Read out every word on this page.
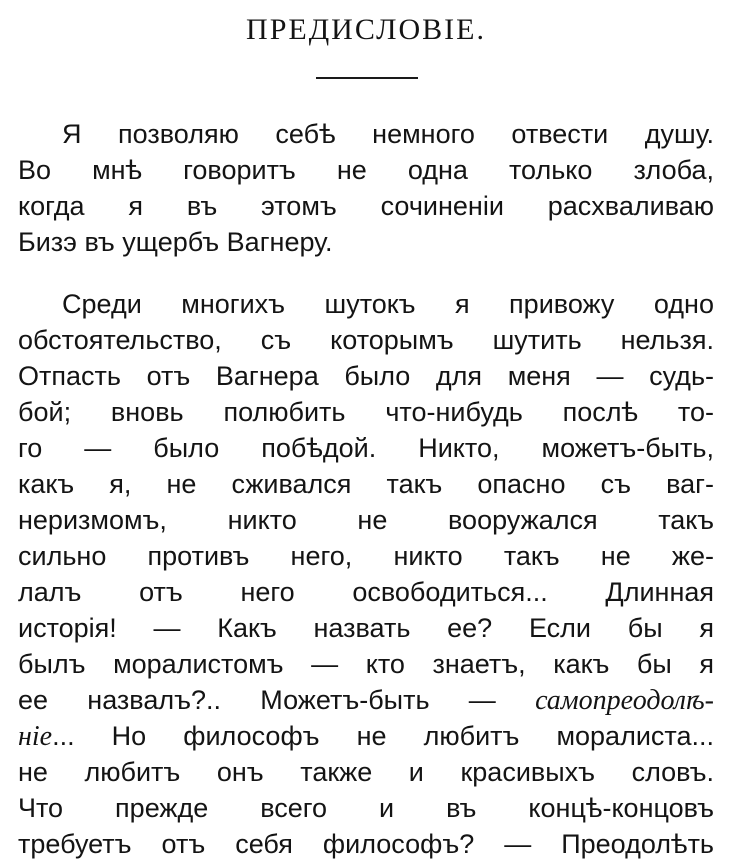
ПРЕДИСЛОВІЕ.
Я позволяю себѣ немного отвести душу.
Во мнѣ говоритъ не одна только злоба,
когда я въ этомъ сочиненіи расхваливаю
Бизэ въ ущербъ Вагнеру.
Среди многихъ шутокъ я привожу одно
обстоятельство, съ которымъ шутить нельзя.
Отпасть отъ Вагнера было для меня — судь-
бой; вновь полюбить что-нибудь послѣ то-
го — было побѣдой. Никто, можетъ-быть,
какъ я, не сживался такъ опасно съ ваг-
неризмомъ, никто не вооружался такъ
сильно противъ него, никто такъ не же-
лалъ отъ него освободиться... Длинная
исторія! — Какъ назвать ее? Если бы я
былъ моралистомъ — кто знаетъ, какъ бы я
ее назвалъ?.. Можетъ-быть — самопреодолѣ-
ніе... Но философъ не любитъ моралиста...
не любитъ онъ также и красивыхъ словъ.
Что прежде всего и въ концѣ-концовъ
требуетъ отъ себя философъ? — Преодолѣть
